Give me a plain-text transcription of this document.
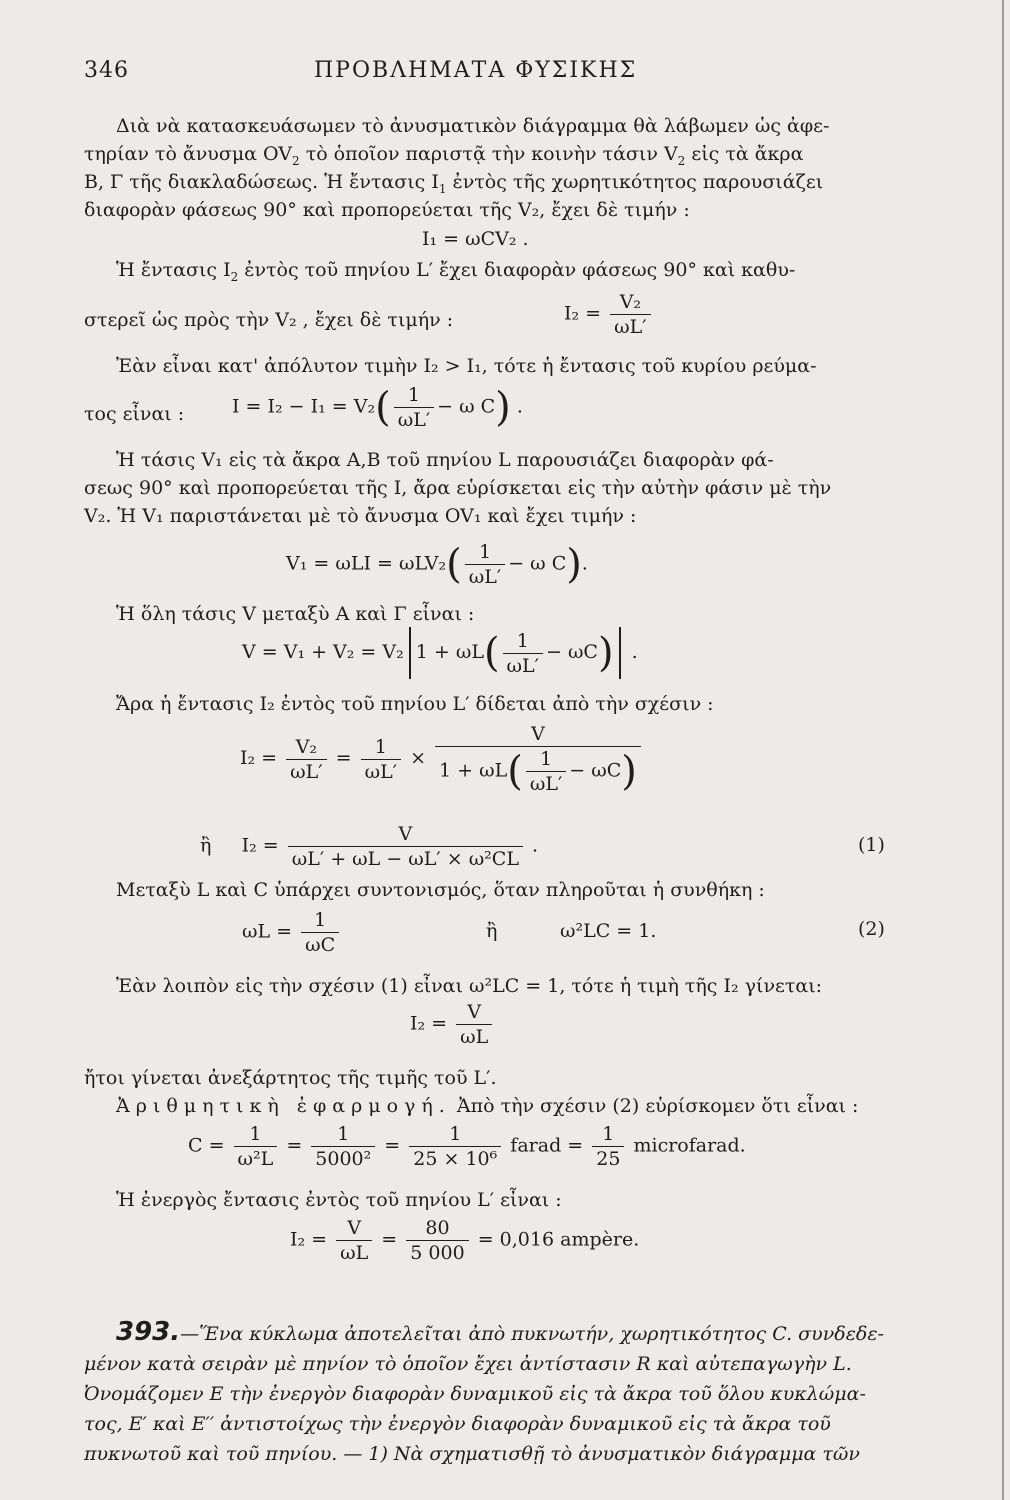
346	ΠΡΟΒΛΗΜΑΤΑ ΦΥΣΙΚΗΣ
Διὰ νὰ κατασκευάσωμεν τὸ ἀνυσματικὸν διάγραμμα θὰ λάβωμεν ὡς ἀφε-
τηρίαν τὸ ἄνυσμα $OV_2$ τὸ ὁποῖον παριστᾷ τὴν κοινὴν τάσιν $V_2$ εἰς τὰ ἄκρα
B, Γ τῆς διακλαδώσεως. Ἡ ἔντασις $I_1$ ἐντὸς τῆς χωρητικότητος παρουσιάζει
διαφορὰν φάσεως 90° καὶ προπορεύεται τῆς V₂, ἔχει δὲ τιμήν :
I₁ = ωCV₂ .
Ἡ ἔντασις $I_2$ ἐντὸς τοῦ πηνίου L′ ἔχει διαφορὰν φάσεως 90° καὶ καθυ-
στερεῖ ὡς πρὸς τὴν V₂ , ἔχει δὲ τιμήν :	$I_2 = \frac{\text{V₂}}{\omega L'}$
Ἐὰν εἶναι κατ' ἀπόλυτον τιμὴν I₂ > I₁, τότε ἡ ἔντασις τοῦ κυρίου ρεύμα-
τος εἶναι :	$I = I_2 - I_1 = V_2( \frac{1}{\omega L'} - \omega$ C) .
Ἡ τάσις V₁ εἰς τὰ ἄκρα A,B τοῦ πηνίου L παρουσιάζει διαφορὰν φά-
σεως 90° καὶ προπορεύεται τῆς I, ἄρα εὑρίσκεται εἰς τὴν αὐτὴν φάσιν μὲ τὴν
V₂. Ἡ V₁ παριστάνεται μὲ τὸ ἄνυσμα OV₁ καὶ ἔχει τιμήν :
$V_1 = \omega LI = \omega LV_2( \frac{1}{\omega L'} - \omega$ C).
Ἡ ὅλη τάσις V μεταξὺ A καὶ Γ εἶναι :
V = V₁ + V₂ = V₂ $1 + \omega L( \frac{1}{\omega L'} - \omega C)$ .
Ἄρα ἡ ἔντασις I₂ ἐντὸς τοῦ πηνίου L′ δίδεται ἀπὸ τὴν σχέσιν :
$I_2 = \frac{\text{V₂}}{\omega L'} = \frac{1}{\omega L'} \times \frac{V}{1 + \omega L( \frac{1}{\omega L'} - \omega C)}$
ἢ $I_2 = \frac{V}{\text{ωL′ + ωL − ωL′ × ω²CL}}$ .	(1)
Μεταξὺ L καὶ C ὑπάρχει συντονισμός, ὅταν πληροῦται ἡ συνθήκη :
$\omega L = \frac{1}{\omega C}$	ἢ	ω²LC = 1.	(2)
Ἐὰν λοιπὸν εἰς τὴν σχέσιν (1) εἶναι ω²LC = 1, τότε ἡ τιμὴ τῆς I₂ γίνεται:
$I_2 = \frac{V}{\omega L}$
ἤτοι γίνεται ἀνεξάρτητος τῆς τιμῆς τοῦ L′.
Ἀριθμητικὴ ἐφαρμογή. Ἀπὸ τὴν σχέσιν (2) εὑρίσκομεν ὅτι εἶναι :
$C = \frac{1}{\text{ω²L}} = \frac{1}{\text{5000²}} = \frac{1}{\text{25 × 10⁶}}$ farad = $\frac{1}{25}$ microfarad.
Ἡ ἐνεργὸς ἔντασις ἐντὸς τοῦ πηνίου L′ εἶναι :
$I_2 = \frac{V}{\omega L} = \frac{80}{5 000} = 0,016$ ampère.
393.—Ἕνα κύκλωμα ἀποτελεῖται ἀπὸ πυκνωτήν, χωρητικότητος C. συνδεδε-
μένον κατὰ σειρὰν μὲ πηνίον τὸ ὁποῖον ἔχει ἀντίστασιν R καὶ αὐτεπαγωγὴν L.
Ὀνομάζομεν E τὴν ἐνεργὸν διαφορὰν δυναμικοῦ εἰς τὰ ἄκρα τοῦ ὅλου κυκλώμα-
τος, E′ καὶ E′′ ἀντιστοίχως τὴν ἐνεργὸν διαφορὰν δυναμικοῦ εἰς τὰ ἄκρα τοῦ
πυκνωτοῦ καὶ τοῦ πηνίου. — 1) Νὰ σχηματισθῇ τὸ ἀνυσματικὸν διάγραμμα τῶν
